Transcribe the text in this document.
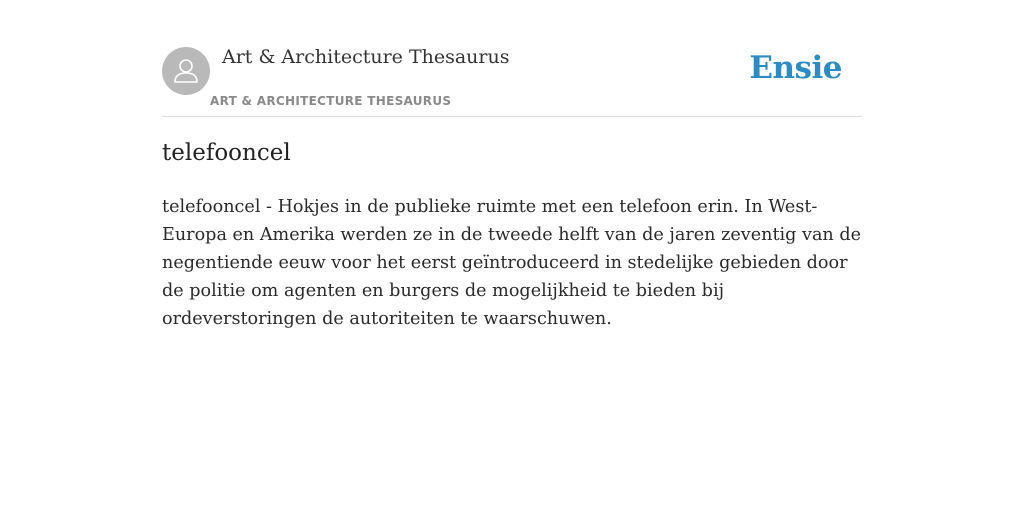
Art & Architecture Thesaurus
ART & ARCHITECTURE THESAURUS
Ensie
telefooncel

telefooncel - Hokjes in de publieke ruimte met een telefoon erin. In West-Europa en Amerika werden ze in de tweede helft van de jaren zeventig van de negentiende eeuw voor het eerst geïntroduceerd in stedelijke gebieden door de politie om agenten en burgers de mogelijkheid te bieden bij ordeverstoringen de autoriteiten te waarschuwen.
